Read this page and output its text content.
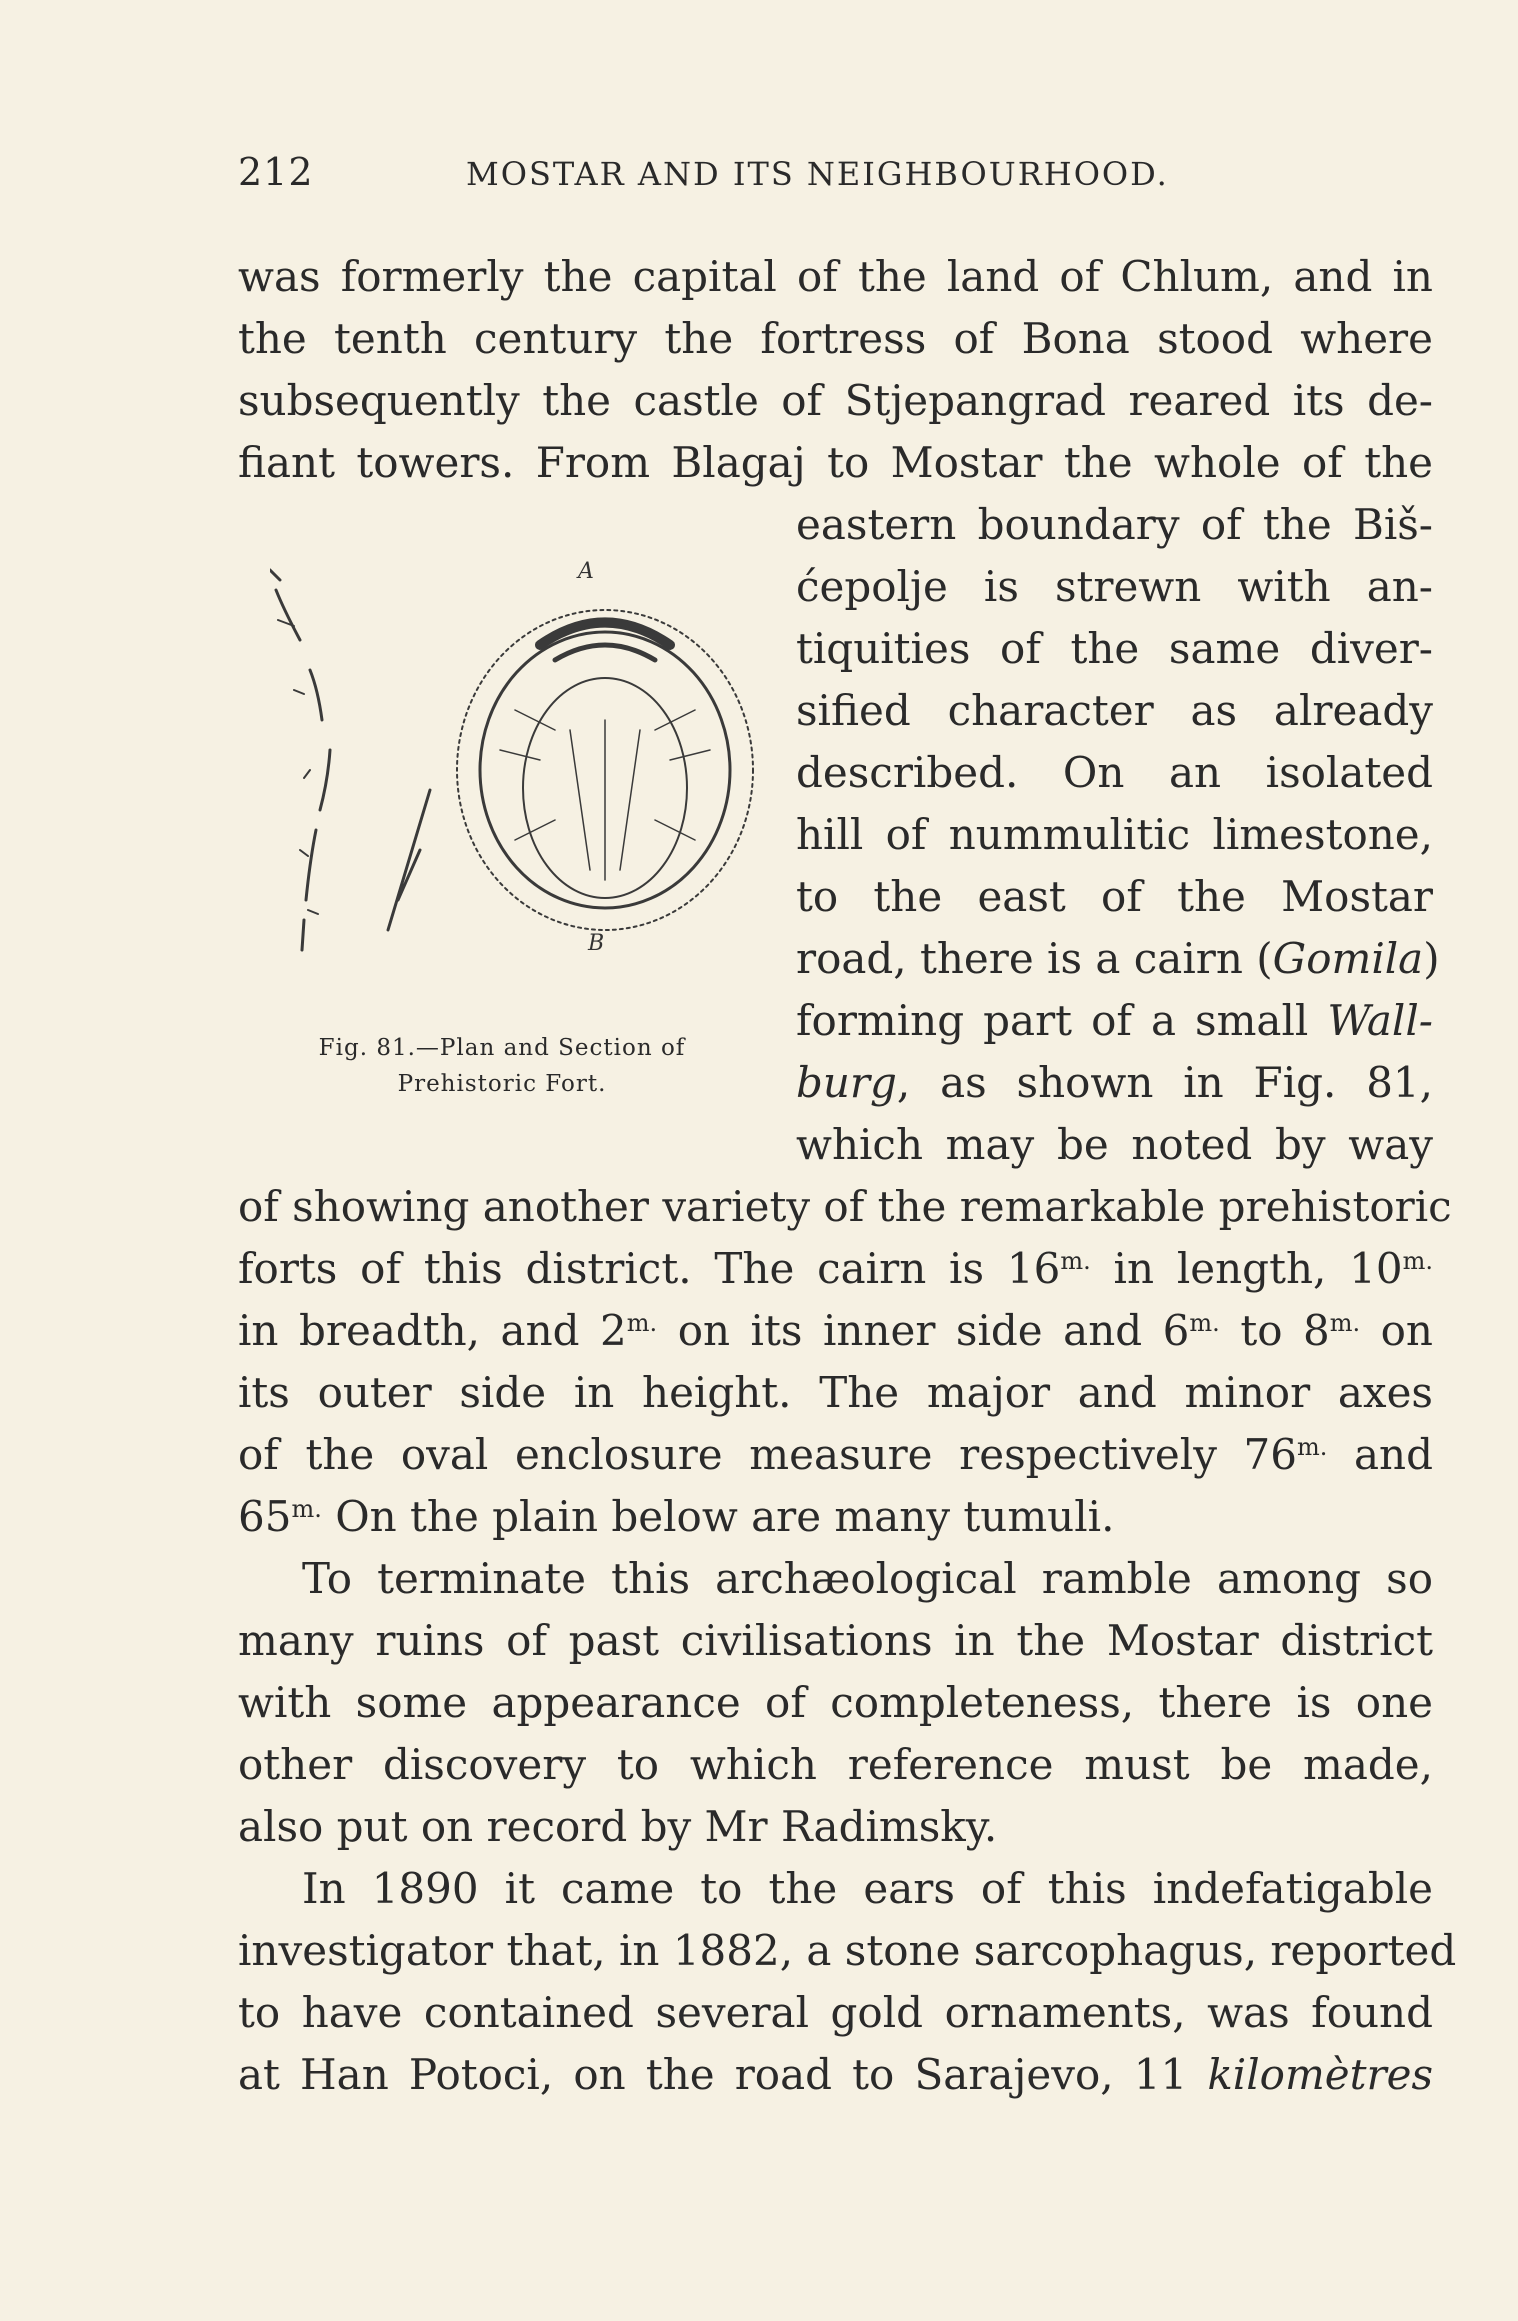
212	MOSTAR AND ITS NEIGHBOURHOOD.
was formerly the capital of the land of Chlum, and in
the tenth century the fortress of Bona stood where
subsequently the castle of Stjepangrad reared its de-
fiant towers. From Blagaj to Mostar the whole of the
eastern boundary of the Biš-
ćepolje is strewn with an-
tiquities of the same diver-
sified character as already
described. On an isolated
hill of nummulitic limestone,
to the east of the Mostar
road, there is a cairn (Gomila)
forming part of a small Wall-
burg, as shown in Fig. 81,
which may be noted by way
A
B
Fig. 81.—Plan and Section of
Prehistoric Fort.
of showing another variety of the remarkable prehistoric
forts of this district. The cairn is $16^{m.}$ in length, $10^{m.}$
in breadth, and $2^{m.}$ on its inner side and $6^{m.}$ to $8^{m.}$ on
its outer side in height. The major and minor axes
of the oval enclosure measure respectively $76^{m.}$ and
$65^{m.}$ On the plain below are many tumuli.
To terminate this archæological ramble among so
many ruins of past civilisations in the Mostar district
with some appearance of completeness, there is one
other discovery to which reference must be made,
also put on record by Mr Radimsky.
In 1890 it came to the ears of this indefatigable
investigator that, in 1882, a stone sarcophagus, reported
to have contained several gold ornaments, was found
at Han Potoci, on the road to Sarajevo, 11 kilomètres
